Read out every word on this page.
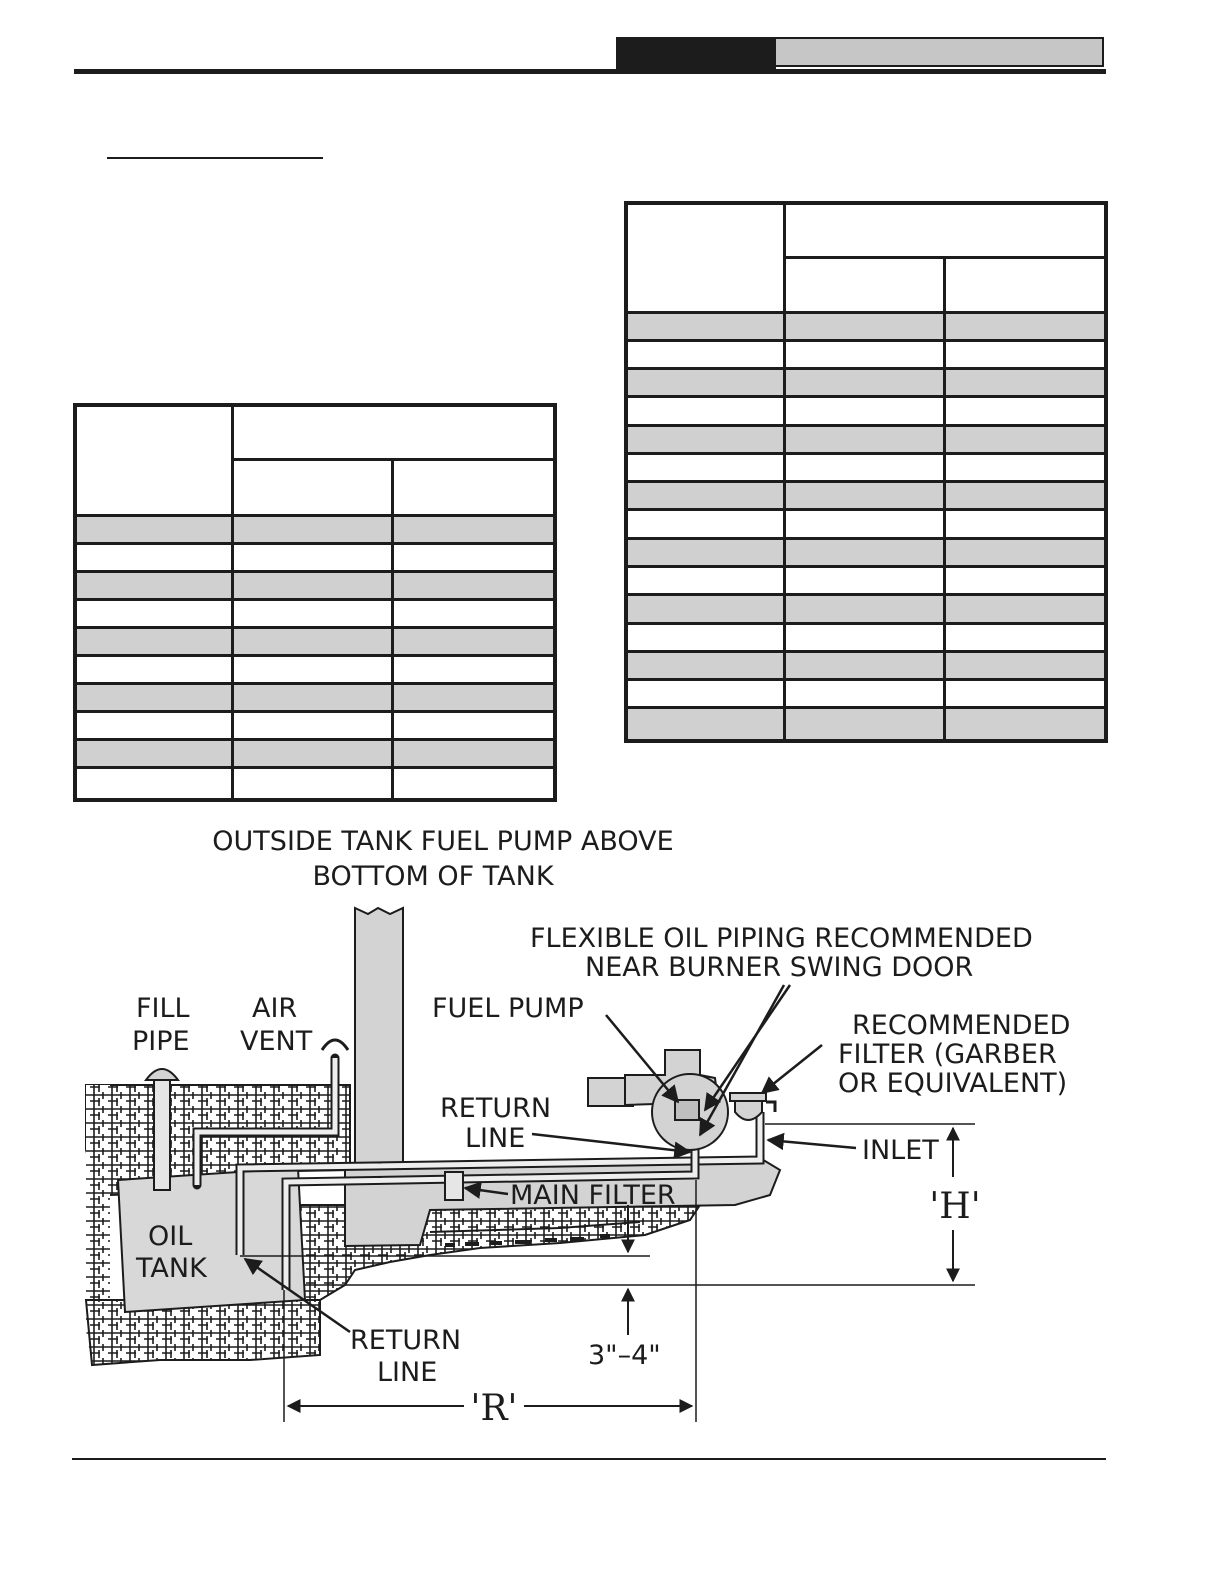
OUTSIDE TANK FUEL PUMP ABOVE
BOTTOM OF TANK
OIL
TANK
FILL
PIPE
AIR
VENT
FLEXIBLE OIL PIPING RECOMMENDED
NEAR BURNER SWING DOOR
FUEL PUMP
RECOMMENDED
FILTER (GARBER
OR EQUIVALENT)
RETURN
LINE	INLET
MAIN FILTER	'H'
3"–4"
RETURN
LINE
'R'
